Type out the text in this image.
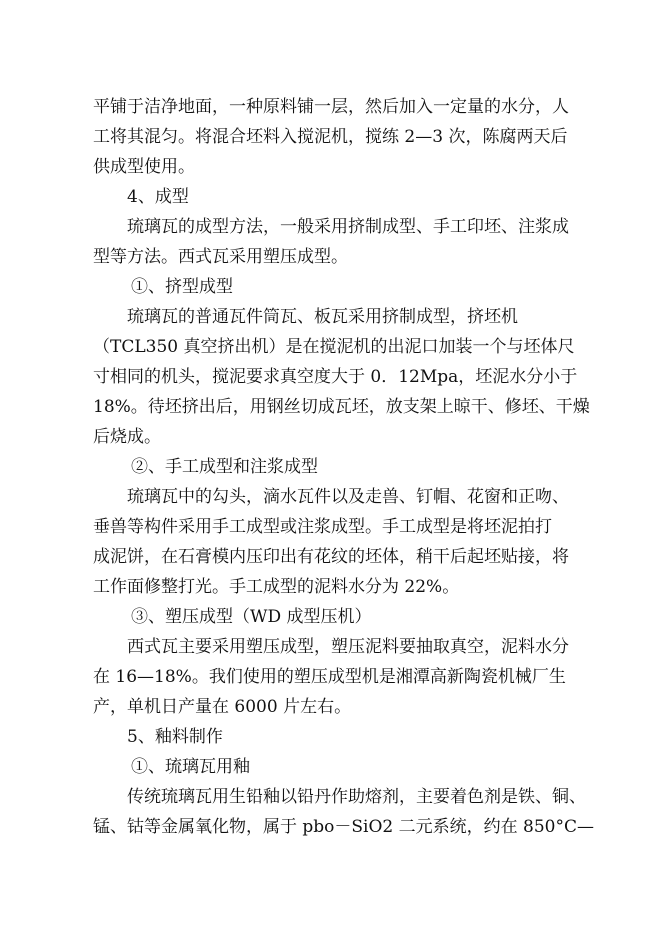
平铺于洁净地面，一种原料铺一层，然后加入一定量的水分，人
工将其混匀。将混合坯料入搅泥机，搅练 2—3 次，陈腐两天后
供成型使用。
4、成型
琉璃瓦的成型方法，一般采用挤制成型、手工印坯、注浆成
型等方法。西式瓦采用塑压成型。
①、挤型成型
琉璃瓦的普通瓦件筒瓦、板瓦采用挤制成型，挤坯机
（TCL350 真空挤出机）是在搅泥机的出泥口加装一个与坯体尺
寸相同的机头，搅泥要求真空度大于 0．12Mpa，坯泥水分小于
18%。待坯挤出后，用钢丝切成瓦坯，放支架上晾干、修坯、干燥
后烧成。
②、手工成型和注浆成型
琉璃瓦中的勾头，滴水瓦件以及走兽、钉帽、花窗和正吻、
垂兽等构件采用手工成型或注浆成型。手工成型是将坯泥拍打
成泥饼，在石膏模内压印出有花纹的坯体，稍干后起坯贴接，将
工作面修整打光。手工成型的泥料水分为 22%。
③、塑压成型（WD 成型压机）
西式瓦主要采用塑压成型，塑压泥料要抽取真空，泥料水分
在 16—18%。我们使用的塑压成型机是湘潭高新陶瓷机械厂生
产，单机日产量在 6000 片左右。
5、釉料制作
①、琉璃瓦用釉
传统琉璃瓦用生铅釉以铅丹作助熔剂，主要着色剂是铁、铜、
锰、钴等金属氧化物，属于 pbo－SiO2 二元系统，约在 850°C—
